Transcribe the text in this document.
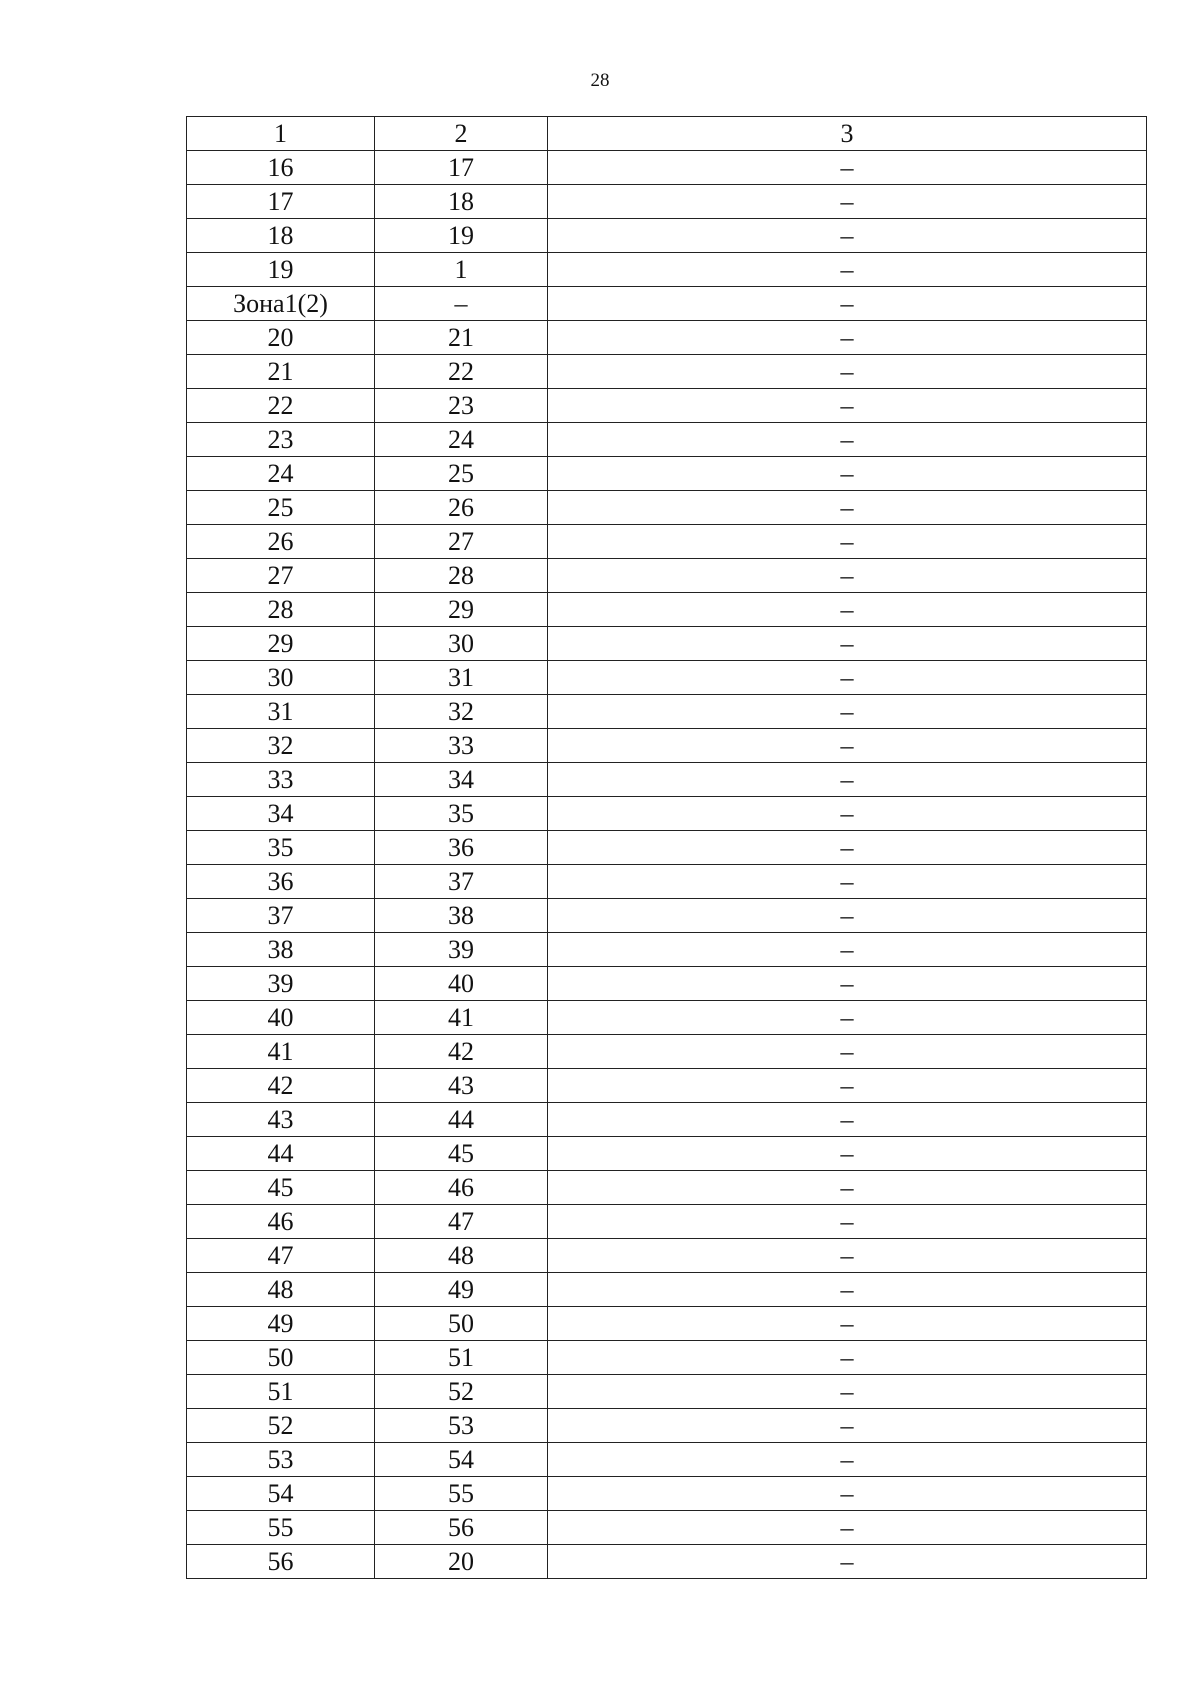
28
1	2	3
16	17	–
17	18	–
18	19	–
19	1	–
Зона1(2)	–	–
20	21	–
21	22	–
22	23	–
23	24	–
24	25	–
25	26	–
26	27	–
27	28	–
28	29	–
29	30	–
30	31	–
31	32	–
32	33	–
33	34	–
34	35	–
35	36	–
36	37	–
37	38	–
38	39	–
39	40	–
40	41	–
41	42	–
42	43	–
43	44	–
44	45	–
45	46	–
46	47	–
47	48	–
48	49	–
49	50	–
50	51	–
51	52	–
52	53	–
53	54	–
54	55	–
55	56	–
56	20	–
